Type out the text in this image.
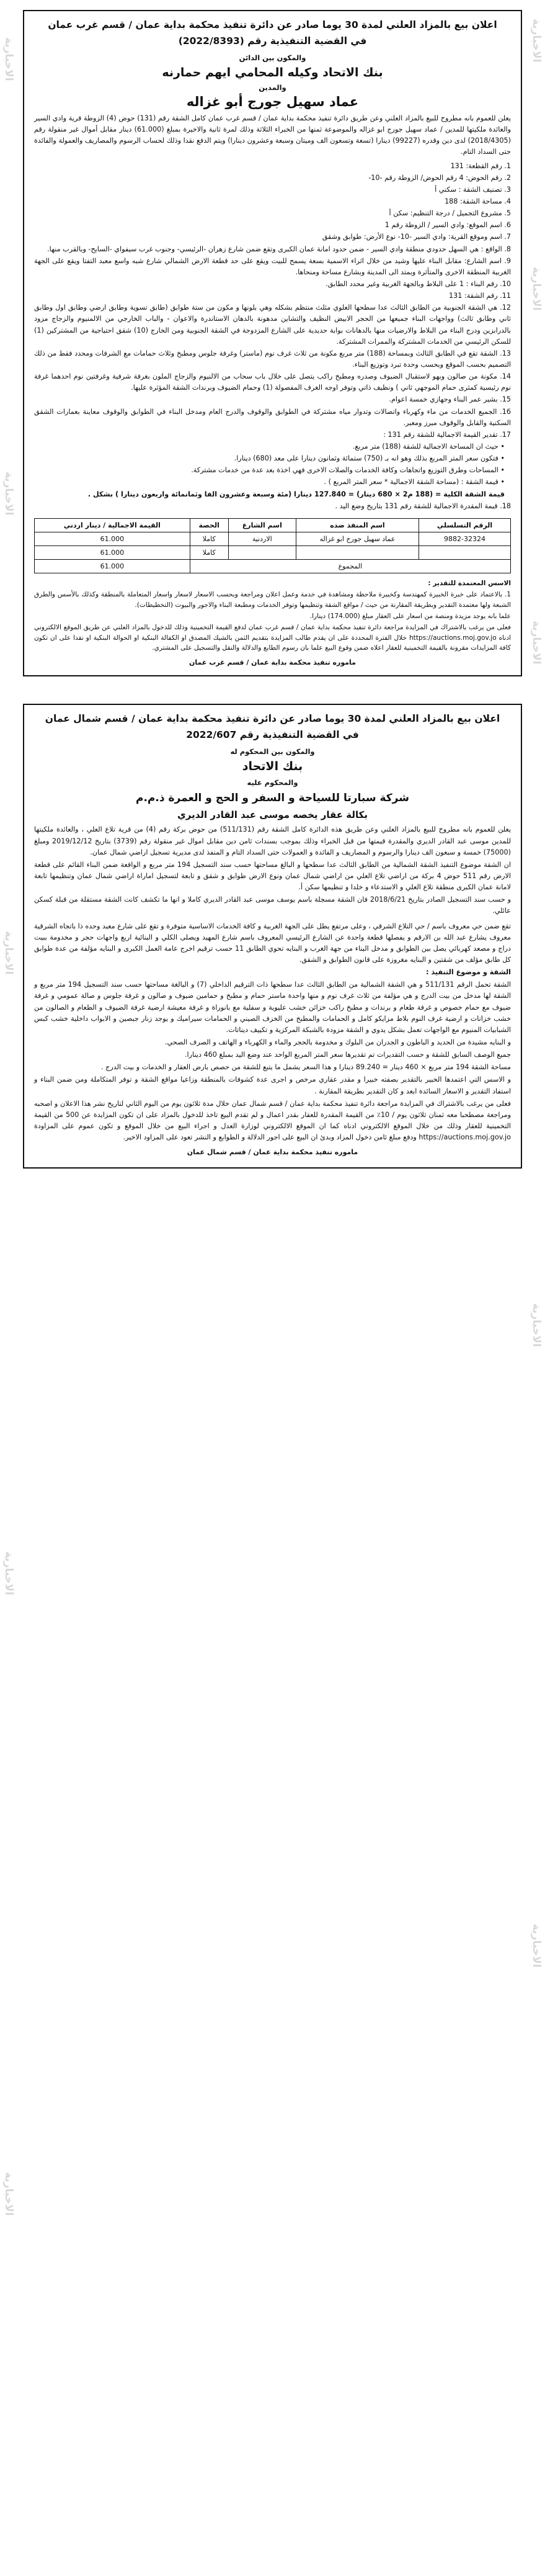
الاخبارية
الاخبارية
الاخبارية
الاخبارية
الاخبارية
الاخبارية
الاخبارية
الاخبارية
الاخبارية
الاخبارية
اعلان بيع بالمزاد العلني لمدة 30 يوما صادر عن دائرة تنفيذ محكمة بداية عمان / قسم غرب عمان
في القضية التنفيذية رقم (2022/8393)
والمكون بين الدائن
بنك الاتحاد وكيله المحامي ايهم حمارنه
والمدين
عماد سهيل جورج أبو غزاله

يعلن للعموم بانه مطروح للبيع بالمزاد العلني وعن طريق دائرة تنفيذ محكمة بداية عمان / قسم غرب عمان كامل الشقة رقم (131) حوض (4) الزوطة قرية وادي السير والعائدة ملكيتها للمدين / عماد سهيل جورج ابو غزاله والموضوعة ثمنها من الخبراء الثلاثة وذلك لمرة ثانية والاخيرة بمبلغ (61.000) دينار مقابل أموال غير منقولة رقم (2018/4305) لدى دين وقدره (99227) دينارا (تسعة وتسعون الف وميتان وسبعة وعشرون دينارا) ويتم الدفع نقدا وذلك لحساب الرسوم والمصاريف والعمولة والفائدة حتى السداد التام.

1. رقم القطعة: 131

2. رقم الحوض: 4 رقم الحوض/ الزوطة رقم -10-

3. تصنيف الشقة : سكني أ

4. مساحة الشقة: 188

5. مشروع التجميل / درجة التنظيم: سكن أ

6. اسم الموقع: وادي السير / الزوطة رقم 1

7. اسم وموقع القرية: وادي السير -10- نوع الأرض: طوابق وشقق

8. الواقع : هي السهل حدودي منطقة وادي السير - ضمن حدود امانة عمان الكبرى وتقع ضمن شارع زهران -الرئيسي- وجنوب غرب سيفواي -السايح- وبالقرب منها.

9. اسم الشارع: مقابل البناء عليها وشيد من خلال اثراء الاسمية بسعة يسمح للبيت ويقع على حد قطعة الارض الشمالي شارع شبه واسع معبد التفتا ويقع على الجهة الغربية المنطقة الاخرى والمتأثرة وبمتد الى المدينة وبشارع مساحة ومنحاها.

10. رقم البناء : 1 على البلاط وبالجهة الغربية وغير محدد الطابق.

11. رقم الشقة: 131

12. هي الشقة الجنوبية من الطابق الثالث عدا سطحها العلوي مثلث منتظم بشكله وهي بلونها و مكون من ستة طوابق (طابق تسوية وطابق ارضي وطابق اول وطابق ثاني وطابق ثالث) وواجهات البناء جميعها من الحجر الابيض النظيف والتشاين مدهونة بالدهان الاستاندرة والاعوان - والباب الخارجي من الالمنيوم والزجاج مزود بالدرابزين ودرج البناء من البلاط والارضيات منها بالدهانات بوابة حديدية على الشارع المزدوجة في الشقة الجنوبية ومن الخارج (10) شقق احتياجية من المشتركين (1) للسكن الرئيسي من الخدمات المشتركة والممرات المشتركة.

13. الشقة تقع في الطابق الثالث وبمساحة (188) متر مربع مكونة من ثلاث غرف نوم (ماستر) وغرفة جلوس ومطبخ وثلاث حمامات مع الشرفات ومحدد فقط من ذلك التصميم بحسب الموقع وبحسب وحدة تبرد وتوزيع البناء.

14. مكونة من صالون وبهو لاستقبال الضيوف وصدره ومطبخ راكب يتصل على خلال باب سحاب من الالنيوم والزجاج الملون بغرفة شرفية وغرفتين نوم احدهما غرفة نوم رئيسية كمثرى حمام الموجهي ثاني ) ونظيف ذاتي وتوفر اوجه الغرف المفصولة (1) وحمام الضيوف وبرندات الشقة المؤثرة عليها.

15. بشير عمر البناء وجهازي خمسة اعوام.

16. الجميع الخدمات من ماء وكهرباء واتصالات وتدوار مياه مشتركة في الطوابق والوقوف والدرج العام ومدخل البناء في الطوابق والوقوف معاينة بعمارات الشقق السكنية والقابل والوقوف مبرز ومعبر.

17. تقدير القيمة الاجمالية للشقة رقم 131 :

• حيث ان المساحة الاجمالية للشقة (188) متر مربع.

• فتكون سعر المتر المربع بذلك وهو انه بـ (750) ستمائة وثمانون دينارا على معد (680) دينارا.

• المساحات وطرق التوزيع واتجاهات وكافة الخدمات والصلات الاخرى فهي اخذة بعد عدة من خدمات مشتركة.

• قيمة الشقة : (مساحة الشقة الاجمالية * سعر المتر المربع ) .

قيمة الشقة الكلية = (188 م2 × 680 دينار) = 127.840 دينارا (مئة وسبعة وعشرون الفا وثمانمائة واربعون دينارا ) بشكل .

18. قيمة المقدرة الاجمالية للشقة رقم 131 بتاريخ وضع اليد .

الرقم التسلسلي	اسم المنفذ ضده	اسم الشارع	الحصة	القيمة الاجمالية / دينار اردني
9882-32324	عماد سهيل جورج ابو غزاله	الاردنية	كاملا	61.000
			كاملا	61.000
المجموع				61.000

الاسس المعتمدة للتقدير :

1. بالاعتماد على خبرة الخبيرة كمهندسة وكخبيرة ملاحظة ومشاهدة في خدمة وعمل اعلان ومراجعة وبحسب الاسعار لاسعار واسعار المتعاملة بالمنطقة وكذلك بالأسس والطرق الشبعة ولها معتمدة التقدير وبطريقة المقارنة من حيث / مواقع الشقة وتنظيمها وتوفر الخدمات ومطبعة البناء والاجور والبيوت (التخطيطات).

علما بانه يوجد مزيدة ومنصة من اسعار على العقار مبلغ (174.000) دينارا.

فعلى من يرغب بالاشتراك في المزايدة مراجعة دائرة تنفيذ محكمة بداية عمان / قسم غرب عمان لدفع القيمة التخمينية وذلك للدخول بالمزاد العلني عن طريق الموقع الالكتروني ادناه https://auctions.moj.gov.jo خلال الفترة المحددة على ان يقدم طالب المزايدة بتقديم الثمن بالشيك المصدق او الكفالة البنكية او الحوالة البنكية او نقدا على ان تكون كافة المزايدات مقرونة بالقيمة التخمينية للعقار اعلاه ضمن وقوع البيع علما بان رسوم الطابع والدلالة والنقل والتسجيل على المشتري.

ماموره تنفيذ محكمة بداية عمان / قسم غرب عمان
اعلان بيع بالمزاد العلني لمدة 30 يوما صادر عن دائرة تنفيذ محكمة بداية عمان / قسم شمال عمان
في القضية التنفيذية رقم 2022/607
والمكون بين المحكوم له
بنك الاتحاد
والمحكوم عليه
شركة سبارتا للسياحة و السفر و الحج و العمرة ذ.م.م
بكالة عقار يخصه موسى عبد القادر الديري

يعلن للعموم بانه مطروح للبيع بالمزاد العلني وعن طريق هذه الدائرة كامل الشقة رقم (511/131) من حوض بركة رقم (4) من قرية تلاع العلي ، والعائدة ملكيتها للمدين موسى عبد القادر الديري والمقدرة قيمتها من قبل الخبراء وذلك بموجب بسندات ثامن دين مقابل اموال غير منقولة رقم (3739) بتاريخ 2019/12/12 ومبلغ (75000) خمسة و سبعون الف دينارا والرسوم و المصاريف و الفائدة و العمولات حتى السداد التام و المنفذ لدى مديرية تسجيل اراضي شمال عمان.

ان الشقة موضوع التنفيذ الشقة الشمالية من الطابق الثالث عدا سطحها و البالغ مساحتها حسب سند التسجيل 194 متر مربع و الواقعة ضمن البناء القائم على قطعة الارض رقم 511 حوض 4 بركة من اراضي تلاع العلي من اراضي شمال عمان ونوع الارض طوابق و شقق و تابعة لتسجيل اماراة اراضي شمال عمان وتنظيمها تابعة لامانة عمان الكبرى منطقة تلاع العلي و الاستدعاء و خلدا و تنظيمها سكن أ.

و حسب سند التسجيل الصادر بتاريخ 2018/6/21 فان الشقة مسجلة باسم يوسف موسى عبد القادر الديري كاملا و انها ما تكشف كانت الشقة مستقلة من قبلة كسكن عائلي.

تقع ضمن حي معروف باسم / حي التلاع الشرقي ، وعلى مرتفع يطل على الجهة الغربية و كافة الخدمات الاساسية متوفرة و تقع على شارع معبد وحده ذا باتجاه الشرقية معروف يشارع عبد الله بن الارقم و يفصلها قطعة واحدة عن الشارع الرئيسي المعروف باسم شارع المهيد ويصلى الكلي و البنائية اربع واجهات حجر و مخدومة ببيت دراج و مصعد كهربائي يصل بين الطوابق و مدخل البناء من جهة الغرب و البنايه تحوي الطابق 11 حسب ترقيم اخرج عامة العمل الكبرى و البنايه مؤلفة من عدة طوابق كل طابق مؤلف من شقتين و البنايه مغروزة على قانون الطوابق و الشقق.

الشقة و موضوع التنفيذ :

الشقة تحمل الرقم 511/131 و هي الشقة الشمالية من الطابق الثالث عدا سطحها ذات الترقيم الداخلي (7) و البالغة مساحتها حسب سند التسجيل 194 متر مربع و الشقة لها مدخل من بيت الدرج و هي مؤلفة من ثلاث غرف نوم و منها واحدة ماستر حمام و مطبخ و حمامين ضيوف و صالون و غرفة جلوس و صالة عمومي و غرفة ضيوف مع حمام خصوص و غرفة طعام و برندات و مطبخ راكب خزائن خشب عليوية و سفلية مع بانوراة و غرفة معيشة ارضية غرفة الضيوف و الطعام و الصالون من خشب خزانات و ارضية غرف النوم بلاط مزايكو كامل و الحمامات والمطبخ من الخزف الصيني و الحمامات سيراميك و يوجد زنار جبصين و الابواب داخلية خشب كبس الشبابيات المنيوم مع الواجهات تعمل بشكل يدوي و الشقة مزودة بالشبكة المركزية و تكييف ديناتات.

و البنايه مشيدة من الحديد و الباطون و الجدران من البلوك و مخدومة بالحجر والماء و الكهرباء و الهاتف و الصرف الصحي.

جميع الوصف السابق للشقة و حسب التقديرات تم تقديرها سعر المتر المربع الواحد عند وضع اليد بمبلغ 460 دينارا.

مساحة الشقة 194 متر مربع × 460 دينار = 89.240 دينارا و هذا السعر يشمل ما يتبع للشقة من حصص بارض العقار و الخدمات و بيت الدرج .

و الاسس التي اعتمدها الخبير بالتقدير بصفته خبيرا و مقدر عقاري مرخص و اجرى عدة كشوفات بالمنطقة وزاعيا مواقع الشقة و توفر المتكاملة ومن ضمن البناء و استفاد التقدير و الاسعار السائدة ابعد و كان التقدير بطريقة المقارنة .

فعلى من يرغب بالاشتراك في المزايدة مراجعة دائرة تنفيذ محكمة بداية عمان / قسم شمال عمان خلال مدة ثلاثون يوم من اليوم الثاني لتاريخ نشر هذا الاعلان و اصحبه ومراجعة مصطحبا معه ثمنان ثلاثون يوم / 10٪ من القيمة المقدرة للعقار بقدر اعمال و لم تقدم البيع تاخذ للدخول بالمزاد على ان تكون المزايدة عن 500 من القيمة التخمينية للعقار وذلك من خلال الموقع الالكتروني ادناه كما ان الموقع الالكتروني لوزارة العدل و اجراء البيع من خلال الموقع و تكون عموم على المزاودة https://auctions.moj.gov.jo ودفع مبلغ ثامن دخول المزاد وبدئ ان البيع على اجور الدلالة و الطوابع و النشر تعود على المزاود الاخير.

ماموره تنفيذ محكمة بداية عمان / قسم شمال عمان
